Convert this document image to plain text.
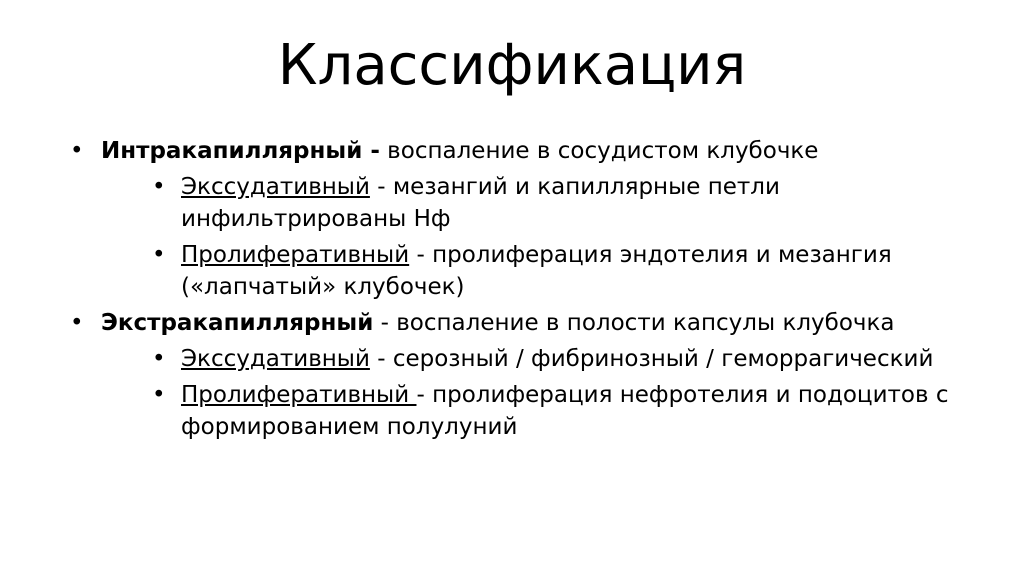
Классификация
• Интракапиллярный - воспаление в сосудистом клубочке
• Экссудативный - мезангий и капиллярные петли инфильтрированы Нф
• Пролиферативный - пролиферация эндотелия и мезангия («лапчатый» клубочек)
• Экстракапиллярный - воспаление в полости капсулы клубочка
• Экссудативный - серозный / фибринозный / геморрагический
• Пролиферативный - пролиферация нефротелия и подоцитов с формированием полулуний
